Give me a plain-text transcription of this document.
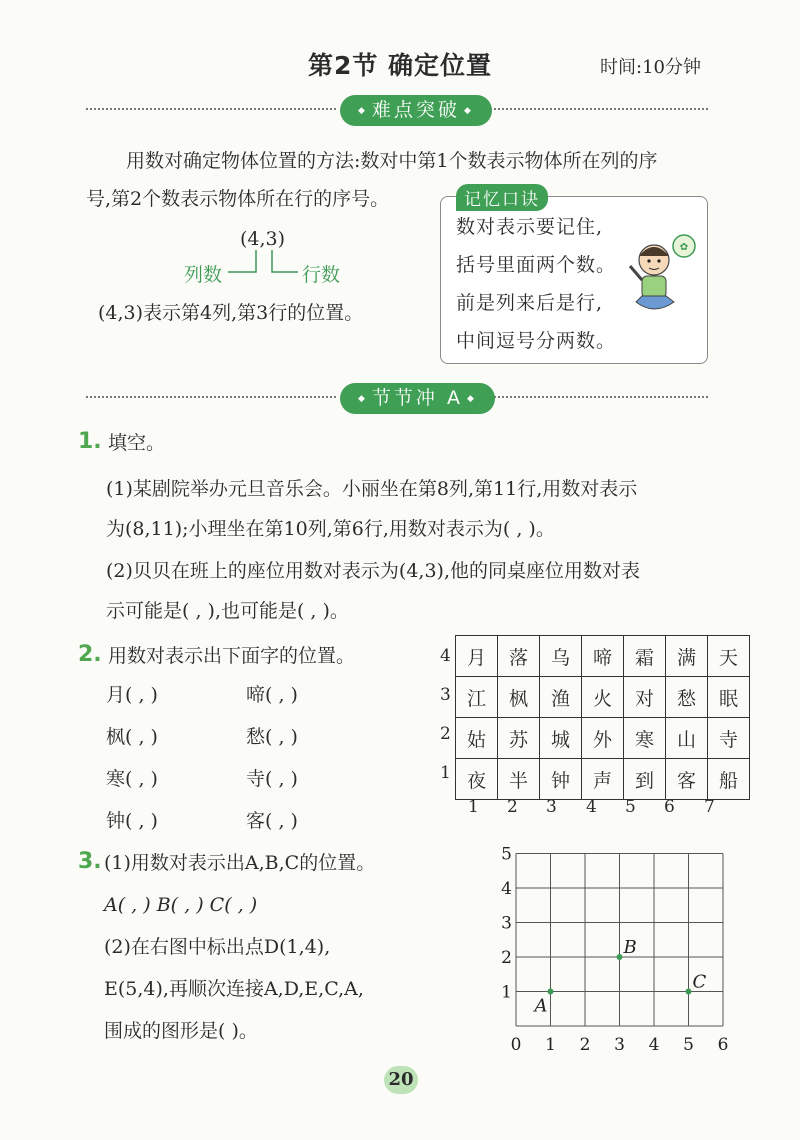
第2节 确定位置	时间:10分钟
◆ 难点突破 ◆
用数对确定物体位置的方法:数对中第1个数表示物体所在列的序
号,第2个数表示物体所在行的序号。
(4,3)
列数	行数
(4,3)表示第4列,第3行的位置。
记忆口诀
数对表示要记住,
括号里面两个数。
前是列来后是行,
中间逗号分两数。
✿
◆ 节节冲 A ◆
1. 填空。
(1)某剧院举办元旦音乐会。小丽坐在第8列,第11行,用数对表示
为(8,11);小理坐在第10列,第6行,用数对表示为( , )。
(2)贝贝在班上的座位用数对表示为(4,3),他的同桌座位用数对表
示可能是( , ),也可能是( , )。
2. 用数对表示出下面字的位置。
月( , )
枫( , )
寒( , )
钟( , )
啼( , )
愁( , )
寺( , )
客( , )
4
3
2
1
月	落	乌	啼	霜	满	天
江	枫	渔	火	对	愁	眠
姑	苏	城	外	寒	山	寺
夜	半	钟	声	到	客	船
1 2 3 4 5 6 7
3. (1)用数对表示出A,B,C的位置。
A( , ) B( , ) C( , )
(2)在右图中标出点D(1,4),
E(5,4),再顺次连接A,D,E,C,A,
围成的图形是( )。
0 1 2 3 4 5 6
1
2
3
4
5
A
B
C
20
